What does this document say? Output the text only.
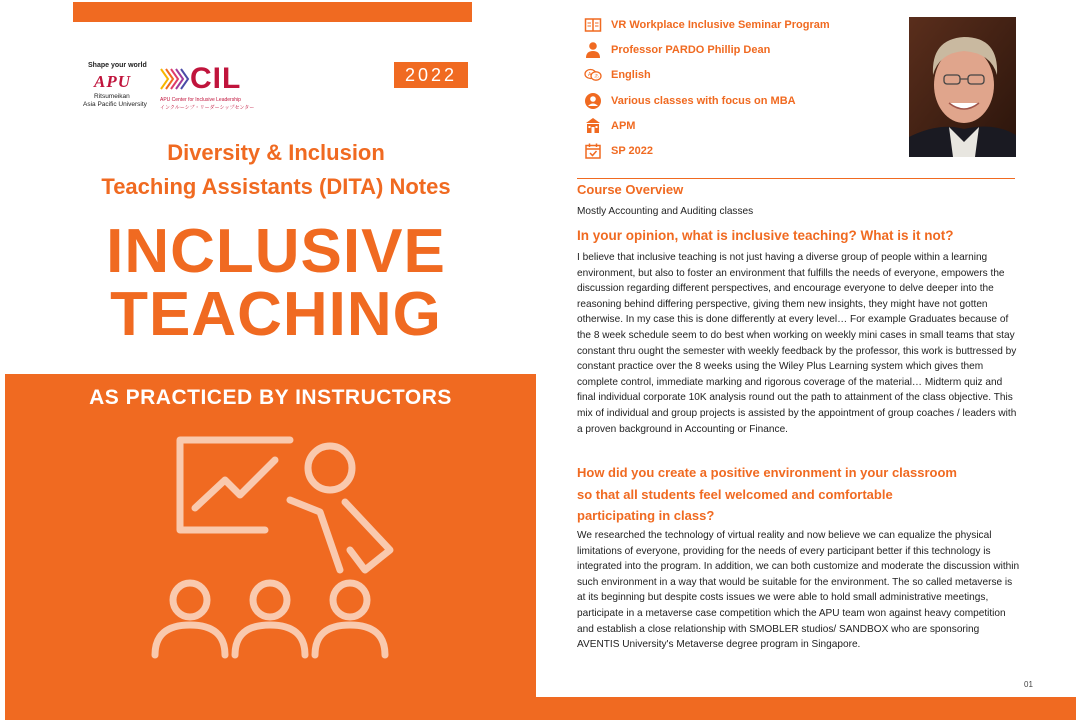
Shape your world
APU
Ritsumeikan
Asia Pacific University
CIL
APU Center for Inclusive Leadership
インクルーシブ・リーダーシップセンター
2022
Diversity & Inclusion
Teaching Assistants (DITA) Notes
INCLUSIVE
TEACHING
AS PRACTICED BY INSTRUCTORS
VR Workplace Inclusive Seminar Program
Professor PARDO Phillip Dean
A あ English
Various classes with focus on MBA
APM
SP 2022
Course Overview
Mostly Accounting and Auditing classes
In your opinion, what is inclusive teaching? What is it not?
I believe that inclusive teaching is not just having a diverse group of people within a learning environment, but also to foster an environment that fulfills the needs of everyone, empowers the discussion regarding different perspectives, and encourage everyone to delve deeper into the reasoning behind differing perspective, giving them new insights, they might have not gotten otherwise. In my case this is done differently at every level… For example Graduates because of the 8 week schedule seem to do best when working on weekly mini cases in small teams that stay constant thru ought the semester with weekly feedback by the professor, this work is buttressed by constant practice over the 8 weeks using the Wiley Plus Learning system which gives them complete control, immediate marking and rigorous coverage of the material… Midterm quiz and final individual corporate 10K analysis round out the path to attainment of the class objective. This mix of individual and group projects is assisted by the appointment of group coaches / leaders with a proven background in Accounting or Finance.
How did you create a positive environment in your classroom
so that all students feel welcomed and comfortable
participating in class?
We researched the technology of virtual reality and now believe we can equalize the physical limitations of everyone, providing for the needs of every participant better if this technology is integrated into the program. In addition, we can both customize and moderate the discussion within such environment in a way that would be suitable for the environment. The so called metaverse is at its beginning but despite costs issues we were able to hold small administrative meetings, participate in a metaverse case competition which the APU team won against heavy competition and establish a close relationship with SMOBLER studios/ SANDBOX who are sponsoring AVENTIS University's Metaverse degree program in Singapore.
01
